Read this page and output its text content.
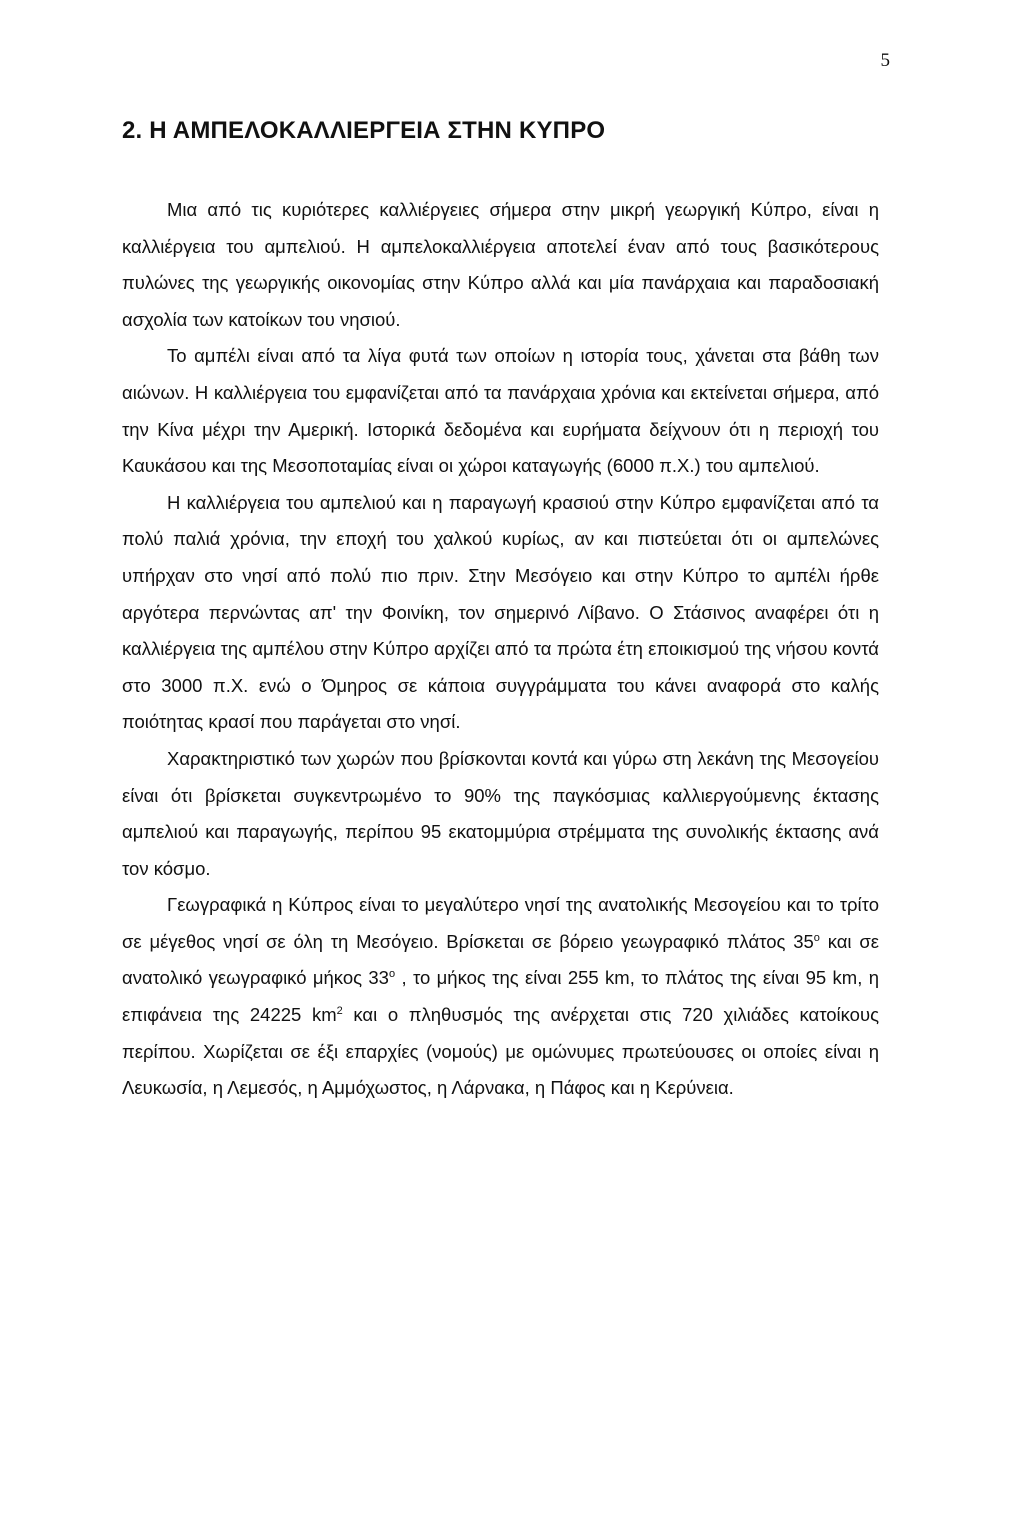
5
2. Η ΑΜΠΕΛΟΚΑΛΛΙΕΡΓΕΙΑ ΣΤΗΝ ΚΥΠΡΟ

Μια από τις κυριότερες καλλιέργειες σήμερα στην μικρή γεωργική Κύπρο, είναι η καλλιέργεια του αμπελιού. Η αμπελοκαλλιέργεια αποτελεί έναν από τους βασικότερους πυλώνες της γεωργικής οικονομίας στην Κύπρο αλλά και μία πανάρχαια και παραδοσιακή ασχολία των κατοίκων του νησιού.

Το αμπέλι είναι από τα λίγα φυτά των οποίων η ιστορία τους, χάνεται στα βάθη των αιώνων. Η καλλιέργεια του εμφανίζεται από τα πανάρχαια χρόνια και εκτείνεται σήμερα, από την Κίνα μέχρι την Αμερική. Ιστορικά δεδομένα και ευρήματα δείχνουν ότι η περιοχή του Καυκάσου και της Μεσοποταμίας είναι οι χώροι καταγωγής (6000 π.Χ.) του αμπελιού.

Η καλλιέργεια του αμπελιού και η παραγωγή κρασιού στην Κύπρο εμφανίζεται από τα πολύ παλιά χρόνια, την εποχή του χαλκού κυρίως, αν και πιστεύεται ότι οι αμπελώνες υπήρχαν στο νησί από πολύ πιο πριν. Στην Μεσόγειο και στην Κύπρο το αμπέλι ήρθε αργότερα περνώντας απ' την Φοινίκη, τον σημερινό Λίβανο. Ο Στάσινος αναφέρει ότι η καλλιέργεια της αμπέλου στην Κύπρο αρχίζει από τα πρώτα έτη εποικισμού της νήσου κοντά στο 3000 π.Χ. ενώ ο Όμηρος σε κάποια συγγράμματα του κάνει αναφορά στο καλής ποιότητας κρασί που παράγεται στο νησί.

Χαρακτηριστικό των χωρών που βρίσκονται κοντά και γύρω στη λεκάνη της Μεσογείου είναι ότι βρίσκεται συγκεντρωμένο το 90% της παγκόσμιας καλλιεργούμενης έκτασης αμπελιού και παραγωγής, περίπου 95 εκατομμύρια στρέμματα της συνολικής έκτασης ανά τον κόσμο.

Γεωγραφικά η Κύπρος είναι το μεγαλύτερο νησί της ανατολικής Μεσογείου και το τρίτο σε μέγεθος νησί σε όλη τη Μεσόγειο. Βρίσκεται σε βόρειο γεωγραφικό πλάτος $35^o$ και σε ανατολικό γεωγραφικό μήκος $33^o$ , το μήκος της είναι 255 km, το πλάτος της είναι 95 km, η επιφάνεια της 24225 $km^2$ και ο πληθυσμός της ανέρχεται στις 720 χιλιάδες κατοίκους περίπου. Χωρίζεται σε έξι επαρχίες (νομούς) με ομώνυμες πρωτεύουσες οι οποίες είναι η Λευκωσία, η Λεμεσός, η Αμμόχωστος, η Λάρνακα, η Πάφος και η Κερύνεια.
